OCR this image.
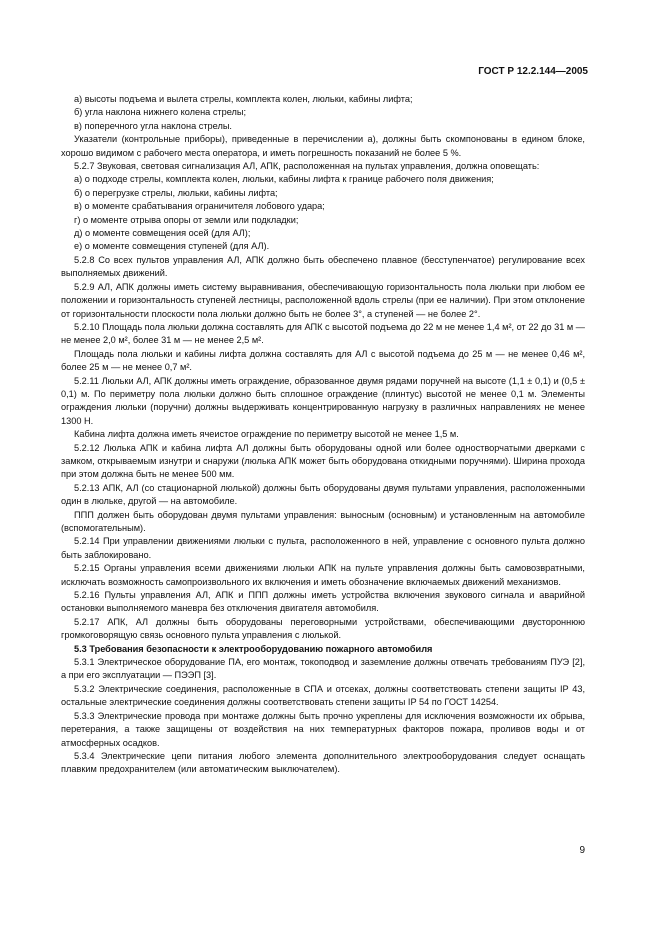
ГОСТ Р 12.2.144—2005

а) высоты подъема и вылета стрелы, комплекта колен, люльки, кабины лифта;

б) угла наклона нижнего колена стрелы;

в) поперечного угла наклона стрелы.

Указатели (контрольные приборы), приведенные в перечислении а), должны быть скомпонованы в едином блоке, хорошо видимом с рабочего места оператора, и иметь погрешность показаний не более 5 %.

5.2.7 Звуковая, световая сигнализация АЛ, АПК, расположенная на пультах управления, должна оповещать:

а) о подходе стрелы, комплекта колен, люльки, кабины лифта к границе рабочего поля движения;

б) о перегрузке стрелы, люльки, кабины лифта;

в) о моменте срабатывания ограничителя лобового удара;

г) о моменте отрыва опоры от земли или подкладки;

д) о моменте совмещения осей (для АЛ);

е) о моменте совмещения ступеней (для АЛ).

5.2.8 Со всех пультов управления АЛ, АПК должно быть обеспечено плавное (бесступенчатое) регулирование всех выполняемых движений.

5.2.9 АЛ, АПК должны иметь систему выравнивания, обеспечивающую горизонтальность пола люльки при любом ее положении и горизонтальность ступеней лестницы, расположенной вдоль стрелы (при ее наличии). При этом отклонение от горизонтальности плоскости пола люльки должно быть не более 3°, а ступеней — не более 2°.

5.2.10 Площадь пола люльки должна составлять для АПК с высотой подъема до 22 м не менее 1,4 м², от 22 до 31 м — не менее 2,0 м², более 31 м — не менее 2,5 м².

Площадь пола люльки и кабины лифта должна составлять для АЛ с высотой подъема до 25 м — не менее 0,46 м², более 25 м — не менее 0,7 м².

5.2.11 Люльки АЛ, АПК должны иметь ограждение, образованное двумя рядами поручней на высоте (1,1 ± 0,1) и (0,5 ± 0,1) м. По периметру пола люльки должно быть сплошное ограждение (плинтус) высотой не менее 0,1 м. Элементы ограждения люльки (поручни) должны выдерживать концентрированную нагрузку в различных направлениях не менее 1300 Н.

Кабина лифта должна иметь ячеистое ограждение по периметру высотой не менее 1,5 м.

5.2.12 Люлька АПК и кабина лифта АЛ должны быть оборудованы одной или более одностворчатыми дверками с замком, открываемым изнутри и снаружи (люлька АПК может быть оборудована откидными поручнями). Ширина прохода при этом должна быть не менее 500 мм.

5.2.13 АПК, АЛ (со стационарной люлькой) должны быть оборудованы двумя пультами управления, расположенными один в люльке, другой — на автомобиле.

ППП должен быть оборудован двумя пультами управления: выносным (основным) и установленным на автомобиле (вспомогательным).

5.2.14 При управлении движениями люльки с пульта, расположенного в ней, управление с основного пульта должно быть заблокировано.

5.2.15 Органы управления всеми движениями люльки АПК на пульте управления должны быть самовозвратными, исключать возможность самопроизвольного их включения и иметь обозначение включаемых движений механизмов.

5.2.16 Пульты управления АЛ, АПК и ППП должны иметь устройства включения звукового сигнала и аварийной остановки выполняемого маневра без отключения двигателя автомобиля.

5.2.17 АПК, АЛ должны быть оборудованы переговорными устройствами, обеспечивающими двустороннюю громкоговорящую связь основного пульта управления с люлькой.

5.3 Требования безопасности к электрооборудованию пожарного автомобиля

5.3.1 Электрическое оборудование ПА, его монтаж, токоподвод и заземление должны отвечать требованиям ПУЭ [2], а при его эксплуатации — ПЭЭП [3].

5.3.2 Электрические соединения, расположенные в СПА и отсеках, должны соответствовать степени защиты IP 43, остальные электрические соединения должны соответствовать степени защиты IP 54 по ГОСТ 14254.

5.3.3 Электрические провода при монтаже должны быть прочно укреплены для исключения возможности их обрыва, перетерания, а также защищены от воздействия на них температурных факторов пожара, проливов воды и от атмосферных осадков.

5.3.4 Электрические цепи питания любого элемента дополнительного электрооборудования следует оснащать плавким предохранителем (или автоматическим выключателем).

9
